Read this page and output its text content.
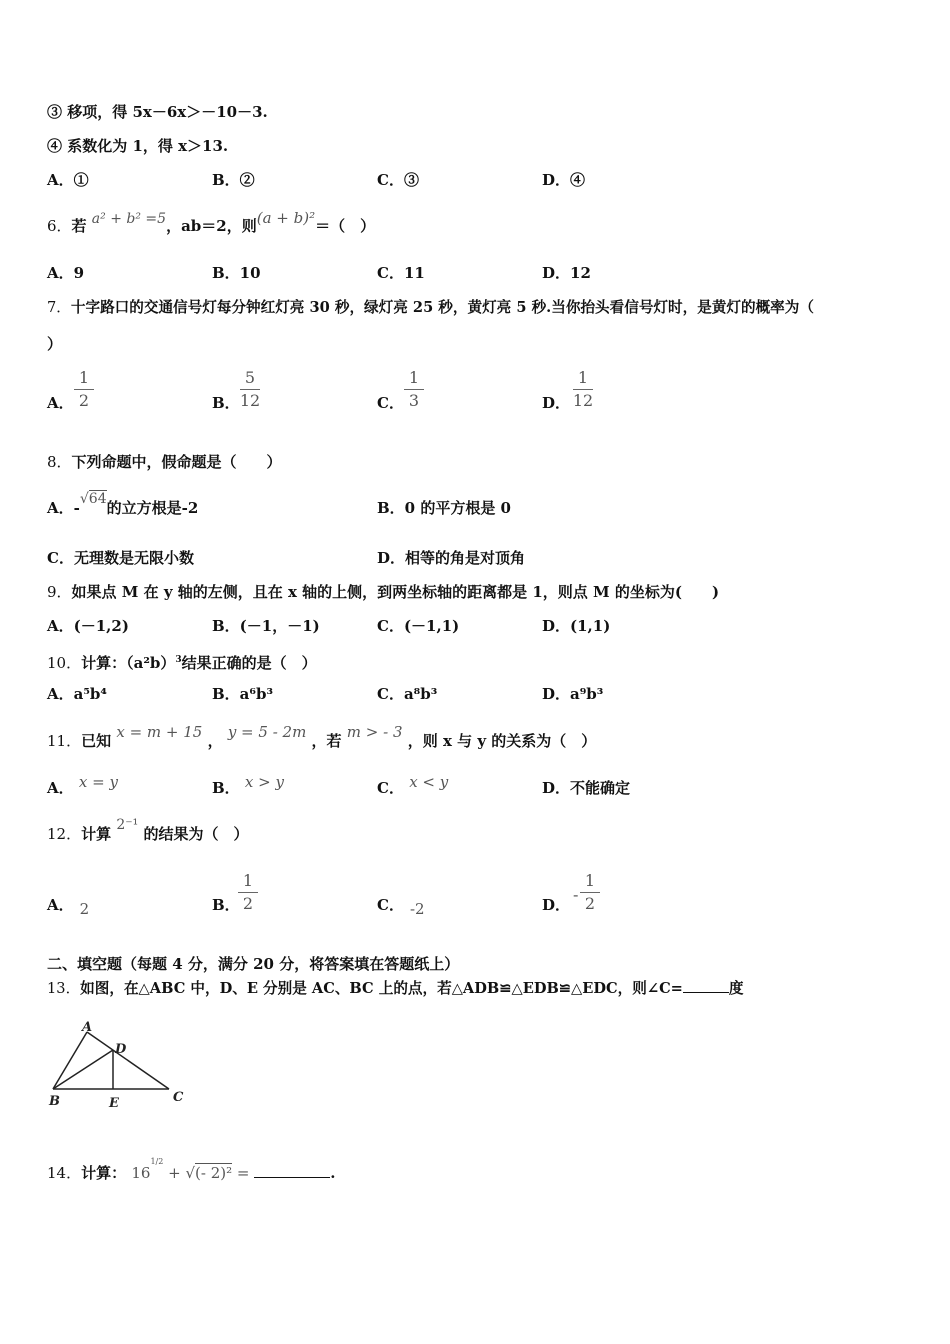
③ 移项，得 5x－6x＞－10－3.
④ 系数化为 1，得 x＞13.
A．①	B．②	C．③	D．④
6．若 a² + b² =5，ab＝2，则(a + b)²＝（　）
A．9	B．10	C．11	D．12
7．十字路口的交通信号灯每分钟红灯亮 30 秒，绿灯亮 25 秒，黄灯亮 5 秒.当你抬头看信号灯时，是黄灯的概率为（
）
A．
1
2	B．
5
12	C．
1
3	D．
1
12
8．下列命题中，假命题是（　　）
A．-√64的立方根是-2	B．0 的平方根是 0
C．无理数是无限小数	D．相等的角是对顶角
9．如果点 M 在 y 轴的左侧，且在 x 轴的上侧，到两坐标轴的距离都是 1，则点 M 的坐标为(　　)
A．(－1,2)	B．(－1，－1)	C．(－1,1)	D．(1,1)
10．计算：$(a^2b)^3$结果正确的是（　）
A．a⁵b⁴	B．a⁶b³	C．a⁸b³	D．a⁹b³
11．已知 x = m + 15 ， y = 5 - 2m ，若 m > - 3 ，则 x 与 y 的关系为（　）
A． x = y	B． x > y	C． x < y	D．不能确定
12．计算 2⁻¹ 的结果为（　）
A． 2	B．
1
2	C． -2	D．
-
1
2
二、填空题（每题 4 分，满分 20 分，将答案填在答题纸上）
13．如图，在△ABC 中，D、E 分别是 AC、BC 上的点，若△ADB≌△EDB≌△EDC，则∠C=	度
A
B	C
D
E
14．计算： $16^{1/2}$ + √(- 2)² =	.
